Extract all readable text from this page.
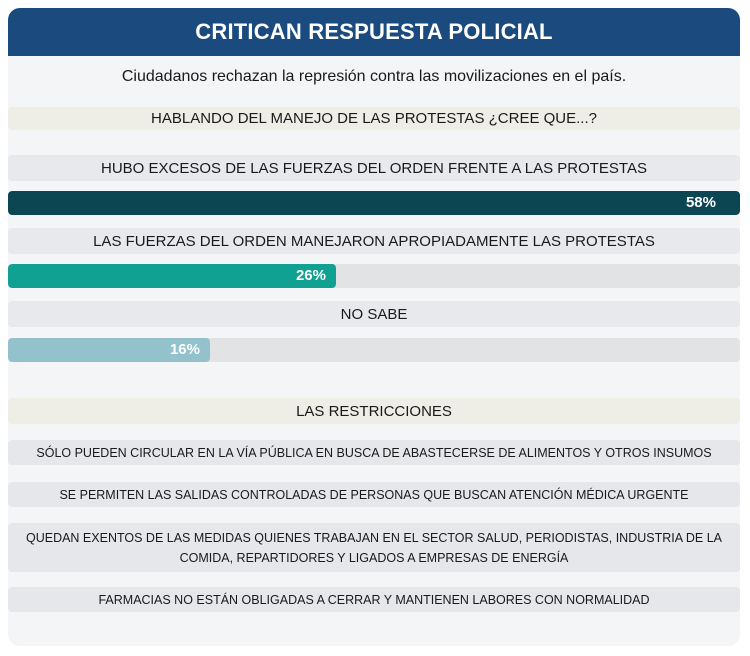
CRITICAN RESPUESTA POLICIAL
Ciudadanos rechazan la represión contra las movilizaciones en el país.
HABLANDO DEL MANEJO DE LAS PROTESTAS ¿CREE QUE...?
HUBO EXCESOS DE LAS FUERZAS DEL ORDEN FRENTE A LAS PROTESTAS
58%
LAS FUERZAS DEL ORDEN MANEJARON APROPIADAMENTE LAS PROTESTAS
26%
NO SABE
16%
LAS RESTRICCIONES
SÓLO PUEDEN CIRCULAR EN LA VÍA PÚBLICA EN BUSCA DE ABASTECERSE DE ALIMENTOS Y OTROS INSUMOS
SE PERMITEN LAS SALIDAS CONTROLADAS DE PERSONAS QUE BUSCAN ATENCIÓN MÉDICA URGENTE
QUEDAN EXENTOS DE LAS MEDIDAS QUIENES TRABAJAN EN EL SECTOR SALUD, PERIODISTAS, INDUSTRIA DE LA COMIDA, REPARTIDORES Y LIGADOS A EMPRESAS DE ENERGÍA
FARMACIAS NO ESTÁN OBLIGADAS A CERRAR Y MANTIENEN LABORES CON NORMALIDAD
